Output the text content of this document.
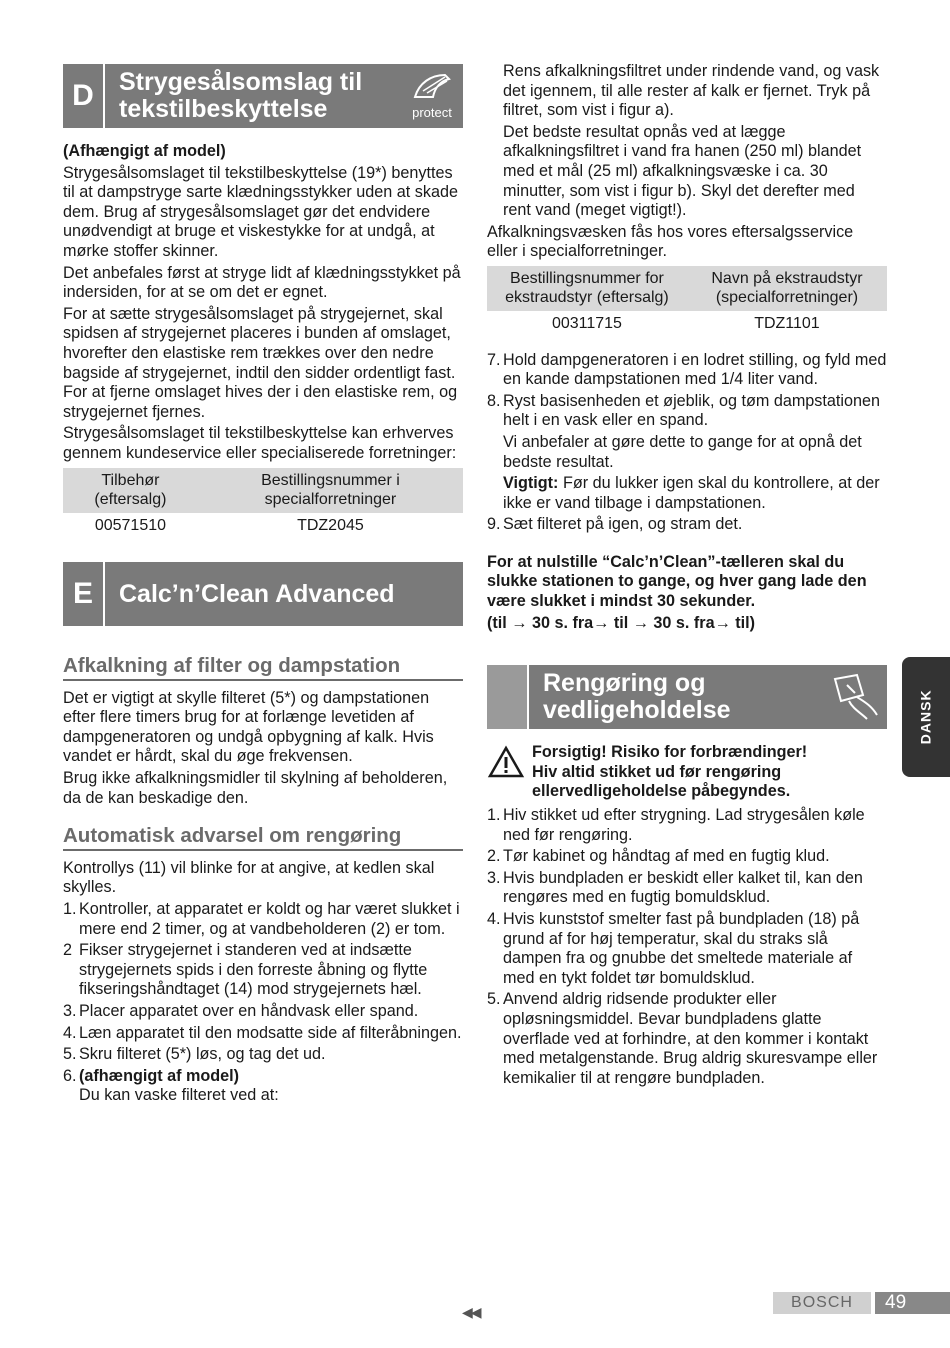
D	Strygesålsomslag til
tekstilbeskyttelse	protect

(Afhængigt af model)

Strygesålsomslaget til tekstilbeskyttelse (19*) benyttes til at dampstryge sarte klædningsstykker uden at skade dem. Brug af strygesålsomslaget gør det endvidere unødvendigt at bruge et viskestykke for at undgå, at mørke stoffer skinner.

Det anbefales først at stryge lidt af klædningsstykket på indersiden, for at se om det er egnet.

For at sætte strygesålsomslaget på strygejernet, skal spidsen af strygejernet placeres i bunden af omslaget, hvorefter den elastiske rem trækkes over den nedre bagside af strygejernet, indtil den sidder ordentligt fast. For at fjerne omslaget hives der i den elastiske rem, og strygejernet fjernes.

Strygesålsomslaget til tekstilbeskyttelse kan erhverves gennem kundeservice eller specialiserede forretninger:

Tilbehør (eftersalg)	Bestillingsnummer i specialforretninger
00571510	TDZ2045
E	Calc’n’Clean Advanced
Afkalkning af filter og dampstation

Det er vigtigt at skylle filteret (5*) og dampstationen efter flere timers brug for at forlænge levetiden af dampgeneratoren og undgå opbygning af kalk. Hvis vandet er hårdt, skal du øge frekvensen.

Brug ikke afkalkningsmidler til skylning af beholderen, da de kan beskadige den.

Automatisk advarsel om rengøring

Kontrollys (11) vil blinke for at angive, at kedlen skal skylles.

1. Kontroller, at apparatet er koldt og har været slukket i mere end 2 timer, og at vandbeholderen (2) er tom.
2 Fikser strygejernet i standeren ved at indsætte strygejernets spids i den forreste åbning og flytte fikseringshåndtaget (14) mod strygejernets hæl.
3. Placer apparatet over en håndvask eller spand.
4. Læn apparatet til den modsatte side af filteråbningen.
5. Skru filteret (5*) løs, og tag det ud.
6. (afhængigt af model)
Du kan vaske filteret ved at:

Rens afkalkningsfiltret under rindende vand, og vask det igennem, til alle rester af kalk er fjernet. Tryk på filtret, som vist i figur a).

Det bedste resultat opnås ved at lægge afkalkningsfiltret i vand fra hanen (250 ml) blandet med et mål (25 ml) afkalkningsvæske i ca. 30 minutter, som vist i figur b). Skyl det derefter med rent vand (meget vigtigt!).

Afkalkningsvæsken fås hos vores eftersalgsservice eller i specialforretninger.

Bestillingsnummer for ekstraudstyr (eftersalg)	Navn på ekstraudstyr (specialforretninger)
00311715	TDZ1101
7. Hold dampgeneratoren i en lodret stilling, og fyld med en kande dampstationen med 1/4 liter vand.
8. Ryst basisenheden et øjeblik, og tøm dampstationen helt i en vask eller en spand.

Vi anbefaler at gøre dette to gange for at opnå det bedste resultat.

Vigtigt: Før du lukker igen skal du kontrollere, at der ikke er vand tilbage i dampstationen.

9. Sæt filteret på igen, og stram det.

For at nulstille “Calc’n’Clean”-tælleren skal du slukke stationen to gange, og hver gang lade den være slukket i mindst 30 sekunder.

(til → 30 s. fra→ til → 30 s. fra→ til)

Rengøring og
vedligeholdelse
Forsigtig! Risiko for forbrændinger!
Hiv altid stikket ud før rengøring ellervedligeholdelse påbegyndes.
1. Hiv stikket ud efter strygning. Lad strygesålen køle ned før rengøring.
2. Tør kabinet og håndtag af med en fugtig klud.
3. Hvis bundpladen er beskidt eller kalket til, kan den rengøres med en fugtig bomuldsklud.
4. Hvis kunststof smelter fast på bundpladen (18) på grund af for høj temperatur, skal du straks slå dampen fra og gnubbe det smeltede materiale af med en tykt foldet tør bomuldsklud.
5. Anvend aldrig ridsende produkter eller opløsningsmiddel. Bevar bundpladens glatte overflade ved at forhindre, at den kommer i kontakt med metalgenstande. Brug aldrig skuresvampe eller kemikalier til at rengøre bundpladen.
DANSK
◀◀
BOSCH	49
